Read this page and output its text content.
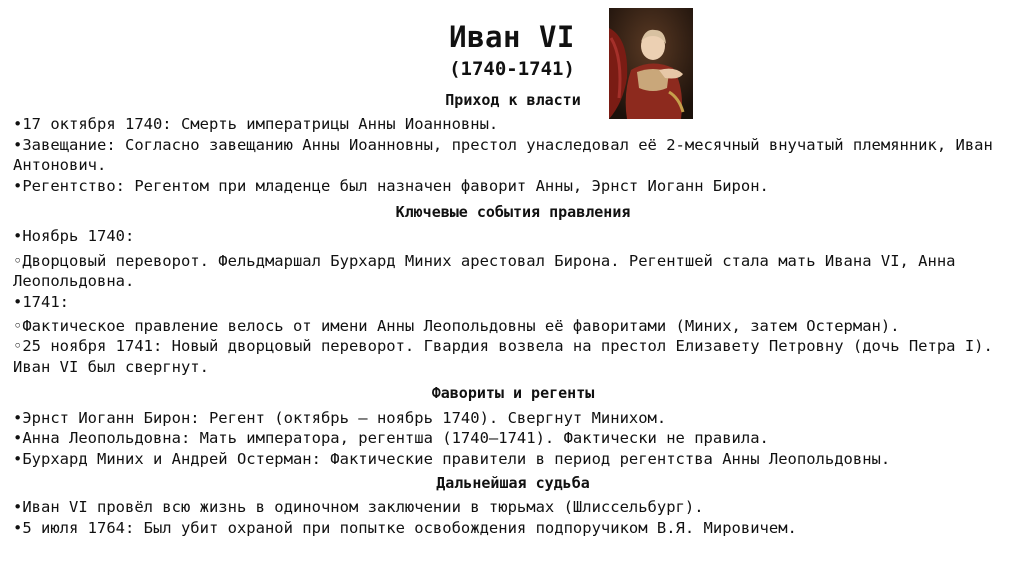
Иван VI
(1740-1741)
Приход к власти
•17 октября 1740: Смерть императрицы Анны Иоанновны.
•Завещание: Согласно завещанию Анны Иоанновны, престол унаследовал её 2-месячный внучатый племянник, Иван Антонович.
•Регентство: Регентом при младенце был назначен фаворит Анны, Эрнст Иоганн Бирон.
Ключевые события правления
•Ноябрь 1740:
◦Дворцовый переворот. Фельдмаршал Бурхард Миних арестовал Бирона. Регентшей стала мать Ивана VI, Анна Леопольдовна.
•1741:
◦Фактическое правление велось от имени Анны Леопольдовны её фаворитами (Миних, затем Остерман).
◦25 ноября 1741: Новый дворцовый переворот. Гвардия возвела на престол Елизавету Петровну (дочь Петра I). Иван VI был свергнут.
Фавориты и регенты
•Эрнст Иоганн Бирон: Регент (октябрь – ноябрь 1740). Свергнут Минихом.
•Анна Леопольдовна: Мать императора, регентша (1740–1741). Фактически не правила.
•Бурхард Миних и Андрей Остерман: Фактические правители в период регентства Анны Леопольдовны.
Дальнейшая судьба
•Иван VI провёл всю жизнь в одиночном заключении в тюрьмах (Шлиссельбург).
•5 июля 1764: Был убит охраной при попытке освобождения подпоручиком В.Я. Мировичем.
